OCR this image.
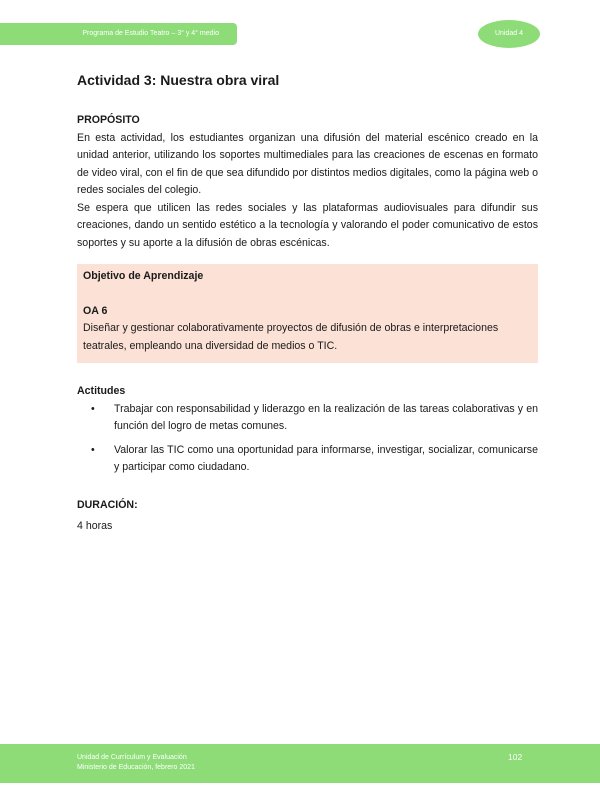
Programa de Estudio Teatro – 3° y 4° medio	Unidad 4
Actividad 3: Nuestra obra viral
PROPÓSITO

En esta actividad, los estudiantes organizan una difusión del material escénico creado en la unidad anterior, utilizando los soportes multimediales para las creaciones de escenas en formato de video viral, con el fin de que sea difundido por distintos medios digitales, como la página web o redes sociales del colegio.

Se espera que utilicen las redes sociales y las plataformas audiovisuales para difundir sus creaciones, dando un sentido estético a la tecnología y valorando el poder comunicativo de estos soportes y su aporte a la difusión de obras escénicas.

Objetivo de Aprendizaje
OA 6

Diseñar y gestionar colaborativamente proyectos de difusión de obras e interpretaciones teatrales, empleando una diversidad de medios o TIC.

Actitudes
• Trabajar con responsabilidad y liderazgo en la realización de las tareas colaborativas y en función del logro de metas comunes.
• Valorar las TIC como una oportunidad para informarse, investigar, socializar, comunicarse y participar como ciudadano.
DURACIÓN:

4 horas

Unidad de Currículum y Evaluación
Ministerio de Educación, febrero 2021
102
